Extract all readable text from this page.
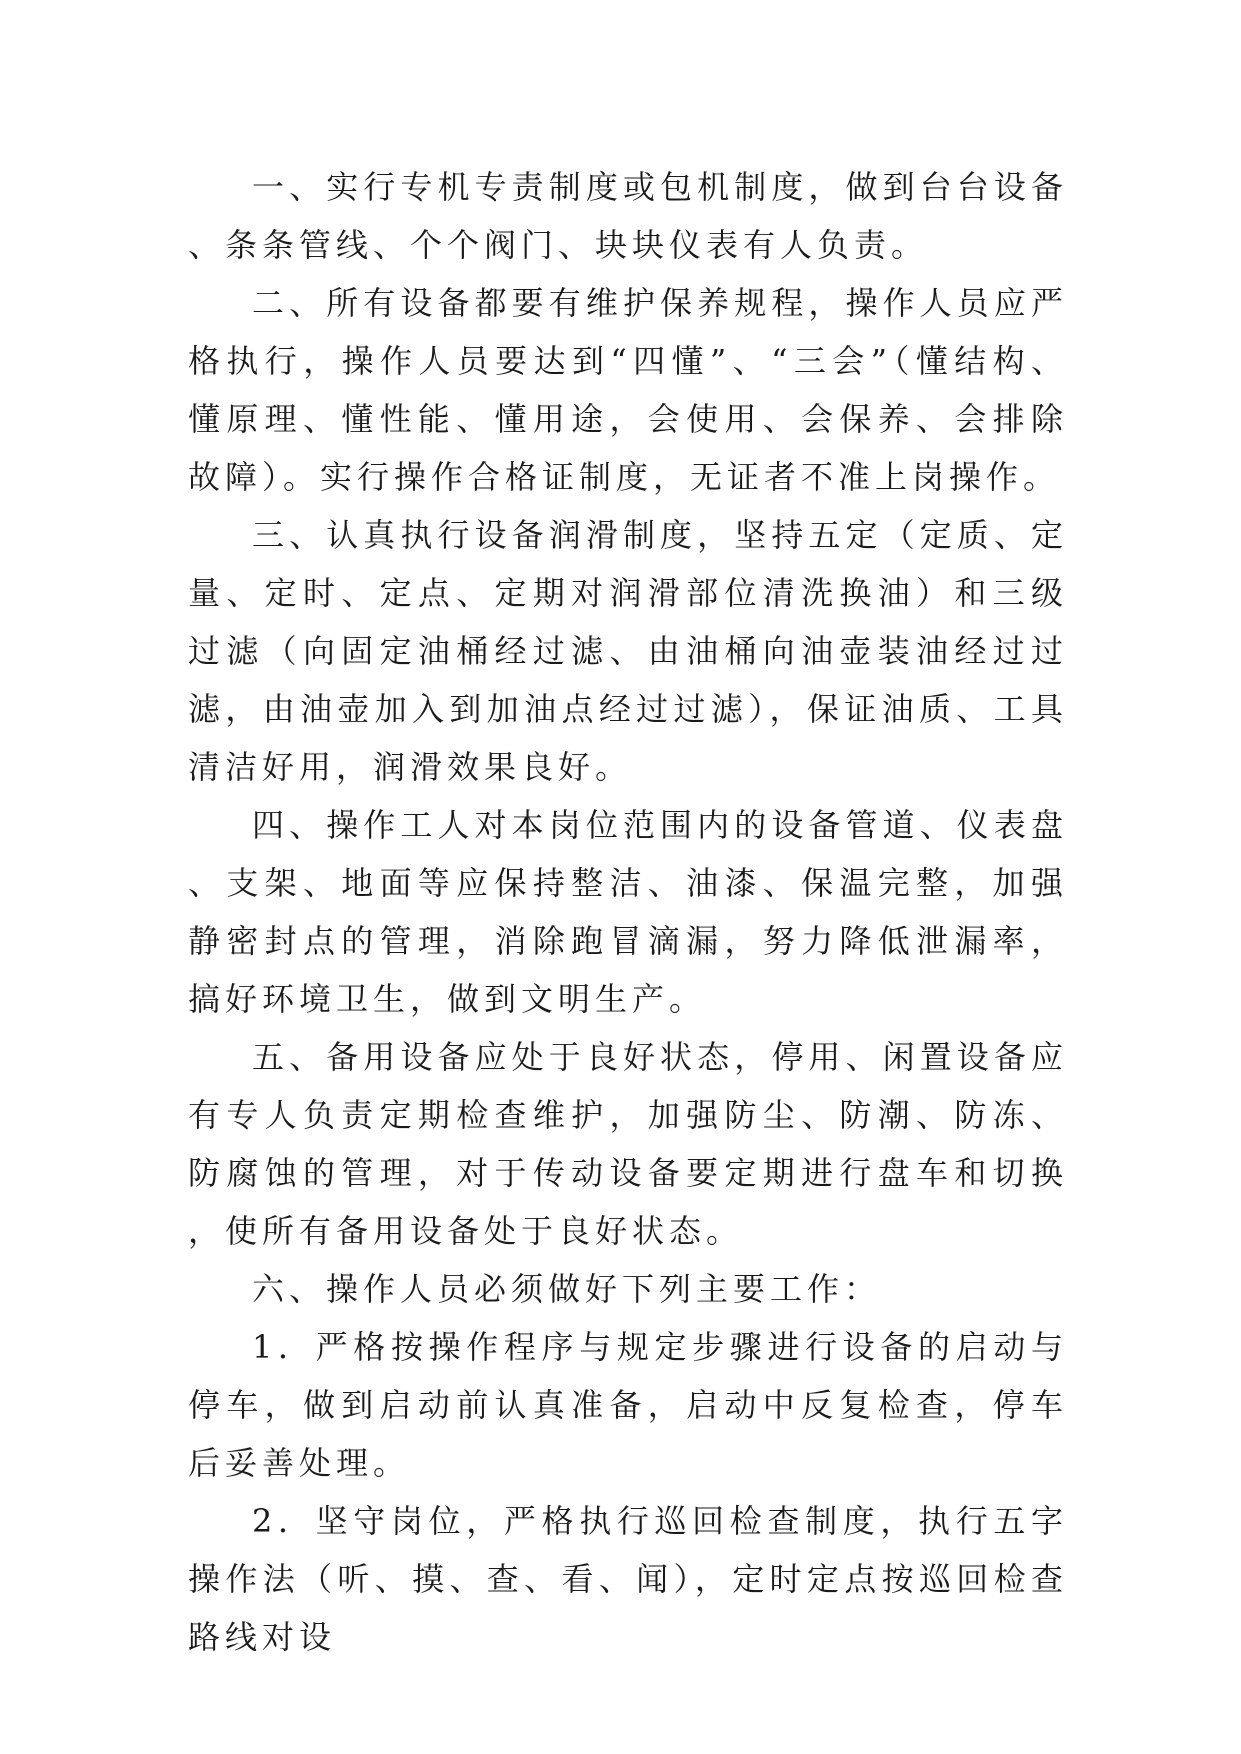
一、实行专机专责制度或包机制度，做到台台设备、条条管线、个个阀门、块块仪表有人负责。

二、所有设备都要有维护保养规程，操作人员应严格执行，操作人员要达到“四懂”、“三会”（懂结构、懂原理、懂性能、懂用途，会使用、会保养、会排除故障）。实行操作合格证制度，无证者不准上岗操作。

三、认真执行设备润滑制度，坚持五定（定质、定量、定时、定点、定期对润滑部位清洗换油）和三级过滤（向固定油桶经过滤、由油桶向油壶装油经过过滤，由油壶加入到加油点经过过滤），保证油质、工具清洁好用，润滑效果良好。

四、操作工人对本岗位范围内的设备管道、仪表盘、支架、地面等应保持整洁、油漆、保温完整，加强静密封点的管理，消除跑冒滴漏，努力降低泄漏率，搞好环境卫生，做到文明生产。

五、备用设备应处于良好状态，停用、闲置设备应有专人负责定期检查维护，加强防尘、防潮、防冻、防腐蚀的管理，对于传动设备要定期进行盘车和切换，使所有备用设备处于良好状态。

六、操作人员必须做好下列主要工作：

1．严格按操作程序与规定步骤进行设备的启动与停车，做到启动前认真准备，启动中反复检查，停车后妥善处理。

2．坚守岗位，严格执行巡回检查制度，执行五字操作法（听、摸、查、看、闻），定时定点按巡回检查路线对设
